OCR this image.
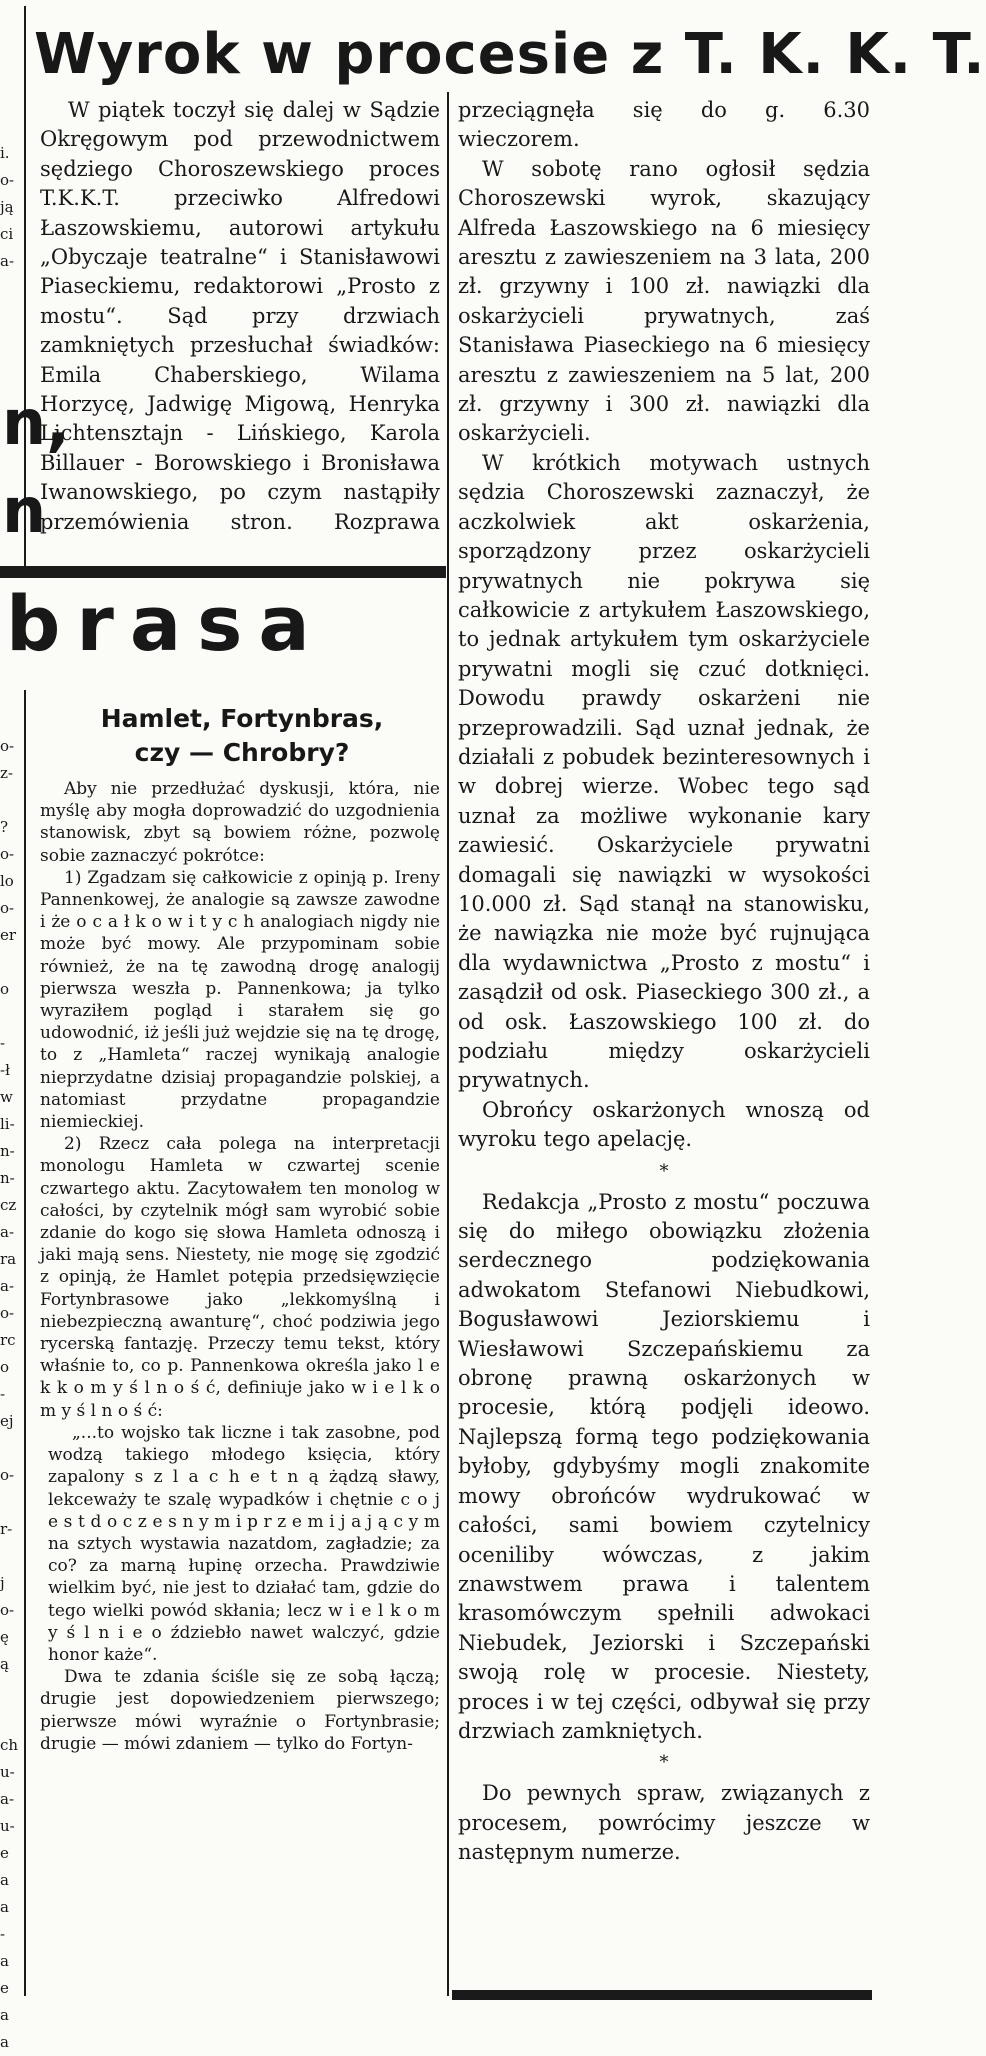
i.
o-
ją
ci
a-
n,
n

o-
z-

?
o-
lo
o-
er

o

-
-ł
w
li-
n-
n-
cz
a-
ra
a-
o-
rc
o
-
ej

o-

r-

j
o-
ę
ą

ch
u-
a-
u-
e
a
a
-
a
e
a
a

Wyrok w procesie z T. K. K. T.

W piątek toczył się dalej w Sądzie Okręgowym pod przewodnictwem sędziego Choroszewskiego proces T.K.K.T. przeciwko Alfredowi Łaszowskiemu, autorowi artykułu „Obyczaje teatralne“ i Stanisławowi Piaseckiemu, redaktorowi „Prosto z mostu“. Sąd przy drzwiach zamkniętych przesłuchał świadków: Emila Chaberskiego, Wilama Horzycę, Jadwigę Migową, Henryka Lichtensztajn - Lińskiego, Karola Billauer - Borowskiego i Bronisława Iwanowskiego, po czym nastąpiły przemówienia stron. Rozprawa

przeciągnęła się do g. 6.30 wieczorem.

W sobotę rano ogłosił sędzia Choroszewski wyrok, skazujący Alfreda Łaszowskiego na 6 miesięcy aresztu z zawieszeniem na 3 lata, 200 zł. grzywny i 100 zł. nawiązki dla oskarżycieli prywatnych, zaś Stanisława Piaseckiego na 6 miesięcy aresztu z zawieszeniem na 5 lat, 200 zł. grzywny i 300 zł. nawiązki dla oskarżycieli.

W krótkich motywach ustnych sędzia Choroszewski zaznaczył, że aczkolwiek akt oskarżenia, sporządzony przez oskarżycieli prywatnych nie pokrywa się całkowicie z artykułem Łaszowskiego, to jednak artykułem tym oskarżyciele prywatni mogli się czuć dotknięci. Dowodu prawdy oskarżeni nie przeprowadzili. Sąd uznał jednak, że działali z pobudek bezinteresownych i w dobrej wierze. Wobec tego sąd uznał za możliwe wykonanie kary zawiesić. Oskarżyciele prywatni domagali się nawiązki w wysokości 10.000 zł. Sąd stanął na stanowisku, że nawiązka nie może być rujnująca dla wydawnictwa „Prosto z mostu“ i zasądził od osk. Piaseckiego 300 zł., a od osk. Łaszowskiego 100 zł. do podziału między oskarżycieli prywatnych.

Obrońcy oskarżonych wnoszą od wyroku tego apelację.

*

Redakcja „Prosto z mostu“ poczuwa się do miłego obowiązku złożenia serdecznego podziękowania adwokatom Stefanowi Niebudkowi, Bogusławowi Jeziorskiemu i Wiesławowi Szczepańskiemu za obronę prawną oskarżonych w procesie, którą podjęli ideowo. Najlepszą formą tego podziękowania byłoby, gdybyśmy mogli znakomite mowy obrońców wydrukować w całości, sami bowiem czytelnicy oceniliby wówczas, z jakim znawstwem prawa i talentem krasomówczym spełnili adwokaci Niebudek, Jeziorski i Szczepański swoją rolę w procesie. Niestety, proces i w tej części, odbywał się przy drzwiach zamkniętych.

*

Do pewnych spraw, związanych z procesem, powrócimy jeszcze w następnym numerze.

brasa
Hamlet, Fortynbras,
czy — Chrobry?

Aby nie przedłużać dyskusji, która, nie myślę aby mogła doprowadzić do uzgodnienia stanowisk, zbyt są bowiem różne, pozwolę sobie zaznaczyć pokrótce:

1) Zgadzam się całkowicie z opinją p. Ireny Pannenkowej, że analogie są zawsze zawodne i że o c a ł k o w i t y c h analogiach nigdy nie może być mowy. Ale przypominam sobie również, że na tę zawodną drogę analogij pierwsza weszła p. Pannenkowa; ja tylko wyraziłem pogląd i starałem się go udowodnić, iż jeśli już wejdzie się na tę drogę, to z „Hamleta“ raczej wynikają analogie nieprzydatne dzisiaj propagandzie polskiej, a natomiast przydatne propagandzie niemieckiej.

2) Rzecz cała polega na interpretacji monologu Hamleta w czwartej scenie czwartego aktu. Zacytowałem ten monolog w całości, by czytelnik mógł sam wyrobić sobie zdanie do kogo się słowa Hamleta odnoszą i jaki mają sens. Niestety, nie mogę się zgodzić z opinją, że Hamlet potępia przedsięwzięcie Fortynbrasowe jako „lekkomyślną i niebezpieczną awanturę“, choć podziwia jego rycerską fantazję. Przeczy temu tekst, który właśnie to, co p. Pannenkowa określa jako l e k k o m y ś l n o ś ć, definiuje jako w i e l k o m y ś l n o ś ć:

„...to wojsko tak liczne i tak zasobne, pod wodzą takiego młodego księcia, który zapalony s z l a c h e t n ą żądzą sławy, lekceważy te szalę wypadków i chętnie c o j e s t d o c z e s n y m i p r z e m i j a j ą c y m na sztych wystawia nazatdom, zagładzie; za co? za marną łupinę orzecha. Prawdziwie wielkim być, nie jest to działać tam, gdzie do tego wielki powód skłania; lecz w i e l k o m y ś l n i e o ździebło nawet walczyć, gdzie honor każe“.

Dwa te zdania ściśle się ze sobą łączą; drugie jest dopowiedzeniem pierwszego; pierwsze mówi wyraźnie o Fortynbrasie; drugie — mówi zdaniem — tylko do Fortyn-
